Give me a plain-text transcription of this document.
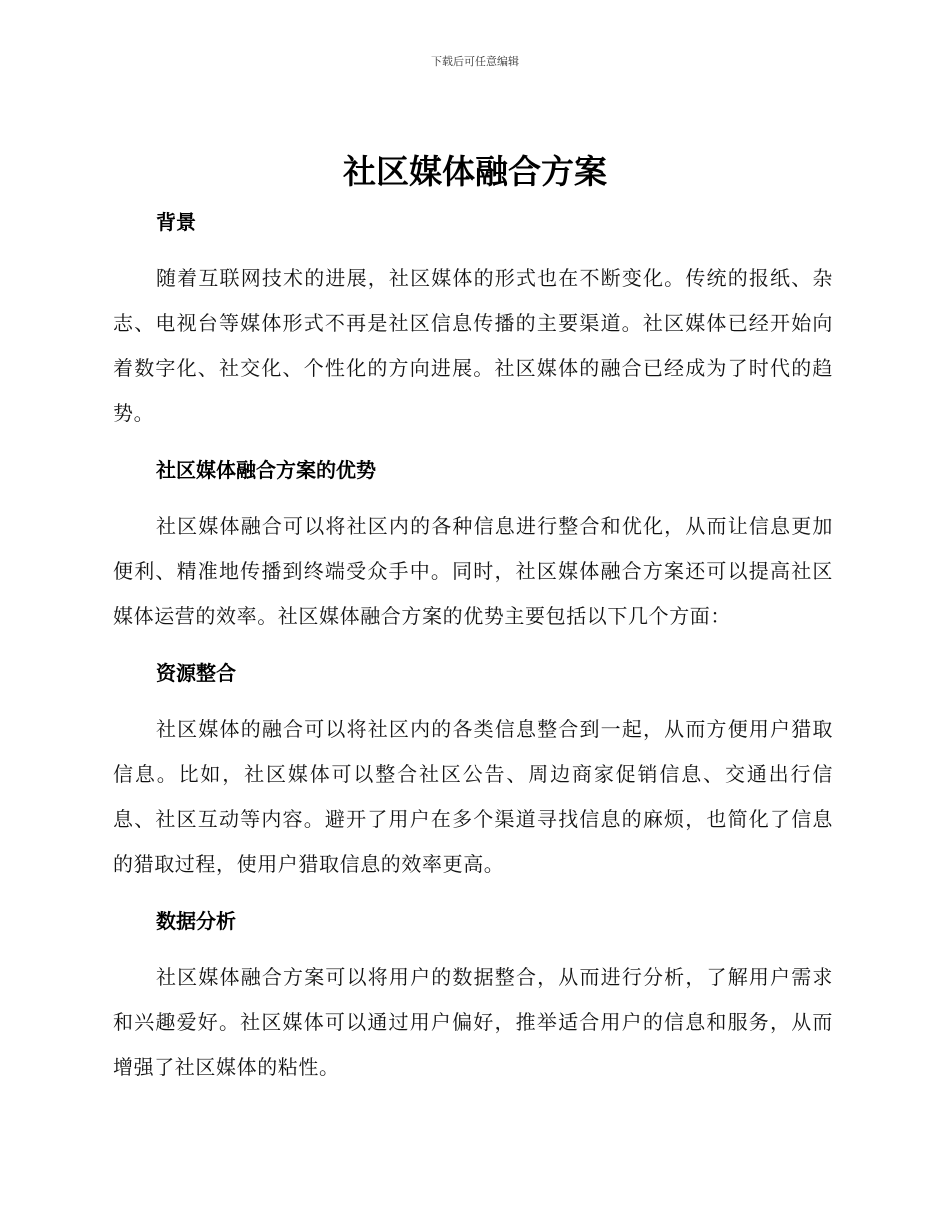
下载后可任意编辑
社区媒体融合方案
背景

随着互联网技术的进展，社区媒体的形式也在不断变化。传统的报纸、杂志、电视台等媒体形式不再是社区信息传播的主要渠道。社区媒体已经开始向着数字化、社交化、个性化的方向进展。社区媒体的融合已经成为了时代的趋势。

社区媒体融合方案的优势

社区媒体融合可以将社区内的各种信息进行整合和优化，从而让信息更加便利、精准地传播到终端受众手中。同时，社区媒体融合方案还可以提高社区媒体运营的效率。社区媒体融合方案的优势主要包括以下几个方面：

资源整合

社区媒体的融合可以将社区内的各类信息整合到一起，从而方便用户猎取信息。比如，社区媒体可以整合社区公告、周边商家促销信息、交通出行信息、社区互动等内容。避开了用户在多个渠道寻找信息的麻烦，也简化了信息的猎取过程，使用户猎取信息的效率更高。

数据分析

社区媒体融合方案可以将用户的数据整合，从而进行分析，了解用户需求和兴趣爱好。社区媒体可以通过用户偏好，推举适合用户的信息和服务，从而增强了社区媒体的粘性。
